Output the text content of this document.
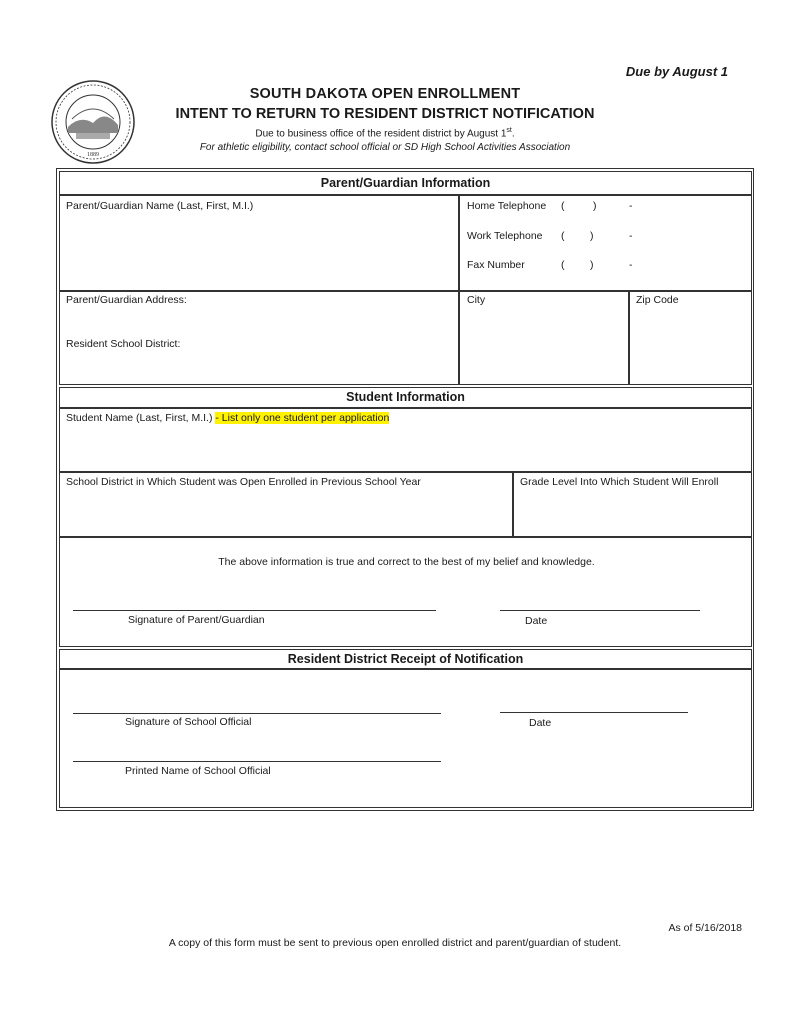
Due by August 1
1889
SOUTH DAKOTA OPEN ENROLLMENT
INTENT TO RETURN TO RESIDENT DISTRICT NOTIFICATION
Due to business office of the resident district by August 1st.
For athletic eligibility, contact school official or SD High School Activities Association
Parent/Guardian Information
Parent/Guardian Name (Last, First, M.I.)	Home Telephone (	)	-
Work Telephone ( )	-
Fax Number	( )	-
Parent/Guardian Address:
Resident School District:
City	Zip Code
Student Information
Student Name (Last, First, M.I.) - List only one student per application
School District in Which Student was Open Enrolled in Previous School Year	Grade Level Into Which Student Will Enroll
The above information is true and correct to the best of my belief and knowledge.
Signature of Parent/Guardian	Date
Resident District Receipt of Notification
Signature of School Official	Date
Printed Name of School Official
As of 5/16/2018
A copy of this form must be sent to previous open enrolled district and parent/guardian of student.
